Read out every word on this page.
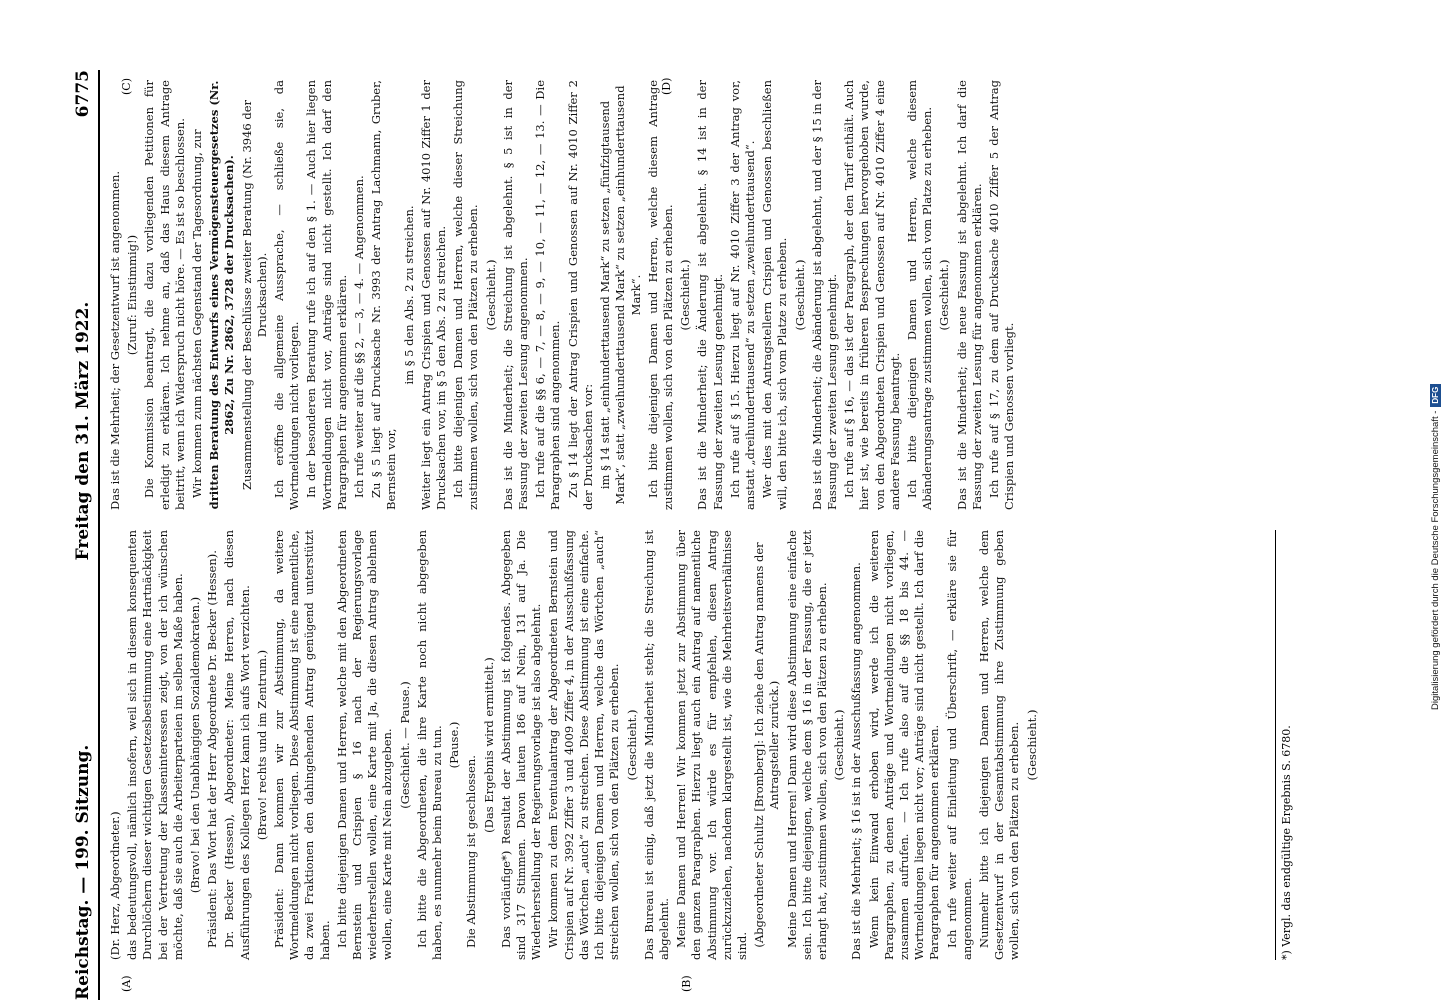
Reichstag. — 199. Sitzung.
Freitag den 31. März 1922.
6775
(A)	(B)
(C)	(D)

(Dr. Herz, Abgeordneter.) das bedeutungsvoll, nämlich insofern, weil sich in diesem konsequenten Durchlöchern dieser wichtigen Gesetzesbestimmung eine Hartnäckigkeit bei der Vertretung der Klasseninteressen zeigt, von der ich wünschen möchte, daß sie auch die Arbeiterparteien im selben Maße haben. (Bravo! bei den Unabhängigen Sozialdemokraten.) Präsident: Das Wort hat der Herr Abgeordnete Dr. Becker (Hessen). Dr. Becker (Hessen), Abgeordneter: Meine Herren, nach diesen Ausführungen des Kollegen Herz kann ich aufs Wort verzichten. (Bravo! rechts und im Zentrum.) Präsident: Dann kommen wir zur Abstimmung, da weitere Wortmeldungen nicht vorliegen. Diese Abstimmung ist eine namentliche, da zwei Fraktionen den dahingehenden Antrag genügend unterstützt haben. Ich bitte diejenigen Damen und Herren, welche mit den Abgeordneten Bernstein und Crispien § 16 nach der Regierungsvorlage wiederherstellen wollen, eine Karte mit Ja, die diesen Antrag ablehnen wollen, eine Karte mit Nein abzugeben. (Geschieht. — Pause.) Ich bitte die Abgeordneten, die ihre Karte noch nicht abgegeben haben, es nunmehr beim Bureau zu tun. (Pause.)

Die Abstimmung ist geschlossen.

(Das Ergebnis wird ermittelt.) Das vorläufige*) Resultat der Abstimmung ist folgendes. Abgegeben sind 317 Stimmen. Davon lauten 186 auf Nein, 131 auf Ja. Die Wiederherstellung der Regierungsvorlage ist also abgelehnt. Wir kommen zu dem Eventualantrag der Abgeordneten Bernstein und Crispien auf Nr. 3992 Ziffer 3 und 4009 Ziffer 4, in der Ausschußfassung das Wörtchen „auch“ zu streichen. Diese Abstimmung ist eine einfache. Ich bitte diejenigen Damen und Herren, welche das Wörtchen „auch“ streichen wollen, sich von den Plätzen zu erheben. (Geschieht.) Das Bureau ist einig, daß jetzt die Minderheit steht; die Streichung ist abgelehnt. Meine Damen und Herren! Wir kommen jetzt zur Abstimmung über den ganzen Paragraphen. Hierzu liegt auch ein Antrag auf namentliche Abstimmung vor. Ich würde es für empfehlen, diesen Antrag zurückzuziehen, nachdem klargestellt ist, wie die Mehrheitsverhältnisse sind. (Abgeordneter Schultz [Bromberg]: Ich ziehe den Antrag namens der Antragsteller zurück.) Meine Damen und Herren! Dann wird diese Abstimmung eine einfache sein. Ich bitte diejenigen, welche dem § 16 in der Fassung, die er jetzt erlangt hat, zustimmen wollen, sich von den Plätzen zu erheben. (Geschieht.) Das ist die Mehrheit; § 16 ist in der Ausschußfassung angenommen. Wenn kein Einwand erhoben wird, werde ich die weiteren Paragraphen, zu denen Anträge und Wortmeldungen nicht vorliegen, zusammen aufrufen. — Ich rufe also auf die §§ 18 bis 44. — Wortmeldungen liegen nicht vor; Anträge sind nicht gestellt. Ich darf die Paragraphen für angenommen erklären. Ich rufe weiter auf Einleitung und Überschrift, — erkläre sie für angenommen. Nunmehr bitte ich diejenigen Damen und Herren, welche dem Gesetzentwurf in der Gesamtabstimmung ihre Zustimmung geben wollen, sich von den Plätzen zu erheben. (Geschieht.)

Das ist die Mehrheit; der Gesetzentwurf ist angenommen. (Zuruf: Einstimmig!) Die Kommission beantragt, die dazu vorliegenden Petitionen für erledigt zu erklären. Ich nehme an, daß das Haus diesem Antrage beitritt, wenn ich Widerspruch nicht höre. — Es ist so beschlossen. Wir kommen zum nächsten Gegenstand der Tagesordnung, zur dritten Beratung des Entwurfs eines Vermögensteuergesetzes (Nr. 2862, Zu Nr. 2862, 3728 der Drucksachen). Zusammenstellung der Beschlüsse zweiter Beratung (Nr. 3946 der Drucksachen). Ich eröffne die allgemeine Aussprache, — schließe sie, da Wortmeldungen nicht vorliegen. In der besonderen Beratung rufe ich auf den § 1. — Auch hier liegen Wortmeldungen nicht vor, Anträge sind nicht gestellt. Ich darf den Paragraphen für angenommen erklären. Ich rufe weiter auf die §§ 2, — 3, — 4. — Angenommen. Zu § 5 liegt auf Drucksache Nr. 3993 der Antrag Lachmann, Gruber, Bernstein vor,

im § 5 den Abs. 2 zu streichen. Weiter liegt ein Antrag Crispien und Genossen auf Nr. 4010 Ziffer 1 der Drucksachen vor, im § 5 den Abs. 2 zu streichen. Ich bitte diejenigen Damen und Herren, welche dieser Streichung zustimmen wollen, sich von den Plätzen zu erheben. (Geschieht.) Das ist die Minderheit; die Streichung ist abgelehnt. § 5 ist in der Fassung der zweiten Lesung angenommen. Ich rufe auf die §§ 6, — 7, — 8, — 9, — 10, — 11, — 12, — 13. — Die Paragraphen sind angenommen. Zu § 14 liegt der Antrag Crispien und Genossen auf Nr. 4010 Ziffer 2 der Drucksachen vor: im § 14 statt „einhunderttausend Mark“ zu setzen „fünfzigtausend Mark“, statt „zweihunderttausend Mark“ zu setzen „einhunderttausend Mark“. Ich bitte diejenigen Damen und Herren, welche diesem Antrage zustimmen wollen, sich von den Plätzen zu erheben. (Geschieht.) Das ist die Minderheit; die Änderung ist abgelehnt. § 14 ist in der Fassung der zweiten Lesung genehmigt. Ich rufe auf § 15. Hierzu liegt auf Nr. 4010 Ziffer 3 der Antrag vor, anstatt „dreihunderttausend“ zu setzen „zweihunderttausend“. Wer dies mit den Antragstellern Crispien und Genossen beschließen will, den bitte ich, sich vom Platze zu erheben. (Geschieht.) Das ist die Minderheit; die Abänderung ist abgelehnt, und der § 15 in der Fassung der zweiten Lesung genehmigt. Ich rufe auf § 16, — das ist der Paragraph, der den Tarif enthält. Auch hier ist, wie bereits in früheren Besprechungen hervorgehoben wurde, von den Abgeordneten Crispien und Genossen auf Nr. 4010 Ziffer 4 eine andere Fassung beantragt. Ich bitte diejenigen Damen und Herren, welche diesem Abänderungsantrage zustimmen wollen, sich vom Platze zu erheben. (Geschieht.) Das ist die Minderheit; die neue Fassung ist abgelehnt. Ich darf die Fassung der zweiten Lesung für angenommen erklären. Ich rufe auf § 17, zu dem auf Drucksache 4010 Ziffer 5 der Antrag Crispien und Genossen vorliegt.

*) Vergl. das endgültige Ergebnis S. 6780.
Digitalisierung gefördert durch die Deutsche Forschungsgemeinschaft -DFG
